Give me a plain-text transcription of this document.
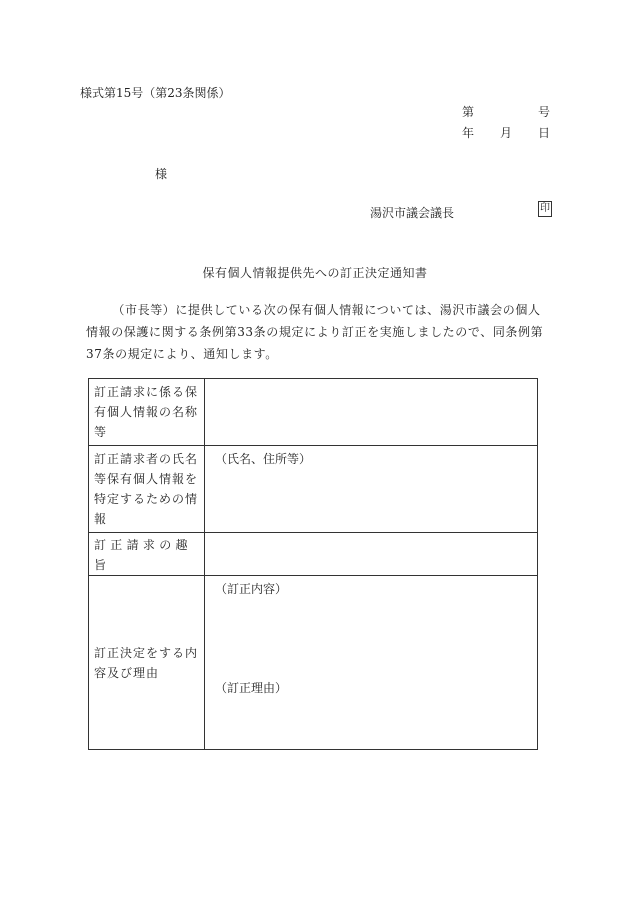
様式第15号（第23条関係）
第	号
年 月 日
様
湯沢市議会議長	印
保有個人情報提供先への訂正決定通知書
（市長等）に提供している次の保有個人情報については、湯沢市議会の個人情報の保護に関する条例第33条の規定により訂正を実施しましたので、同条例第37条の規定により、通知します。
訂正請求に係る保有個人情報の名称等	
訂正請求者の氏名等保有個人情報を特定するための情報	（氏名、住所等）
訂正請求の趣旨	
訂正決定をする内容及び理由	（訂正内容）
（訂正理由）
